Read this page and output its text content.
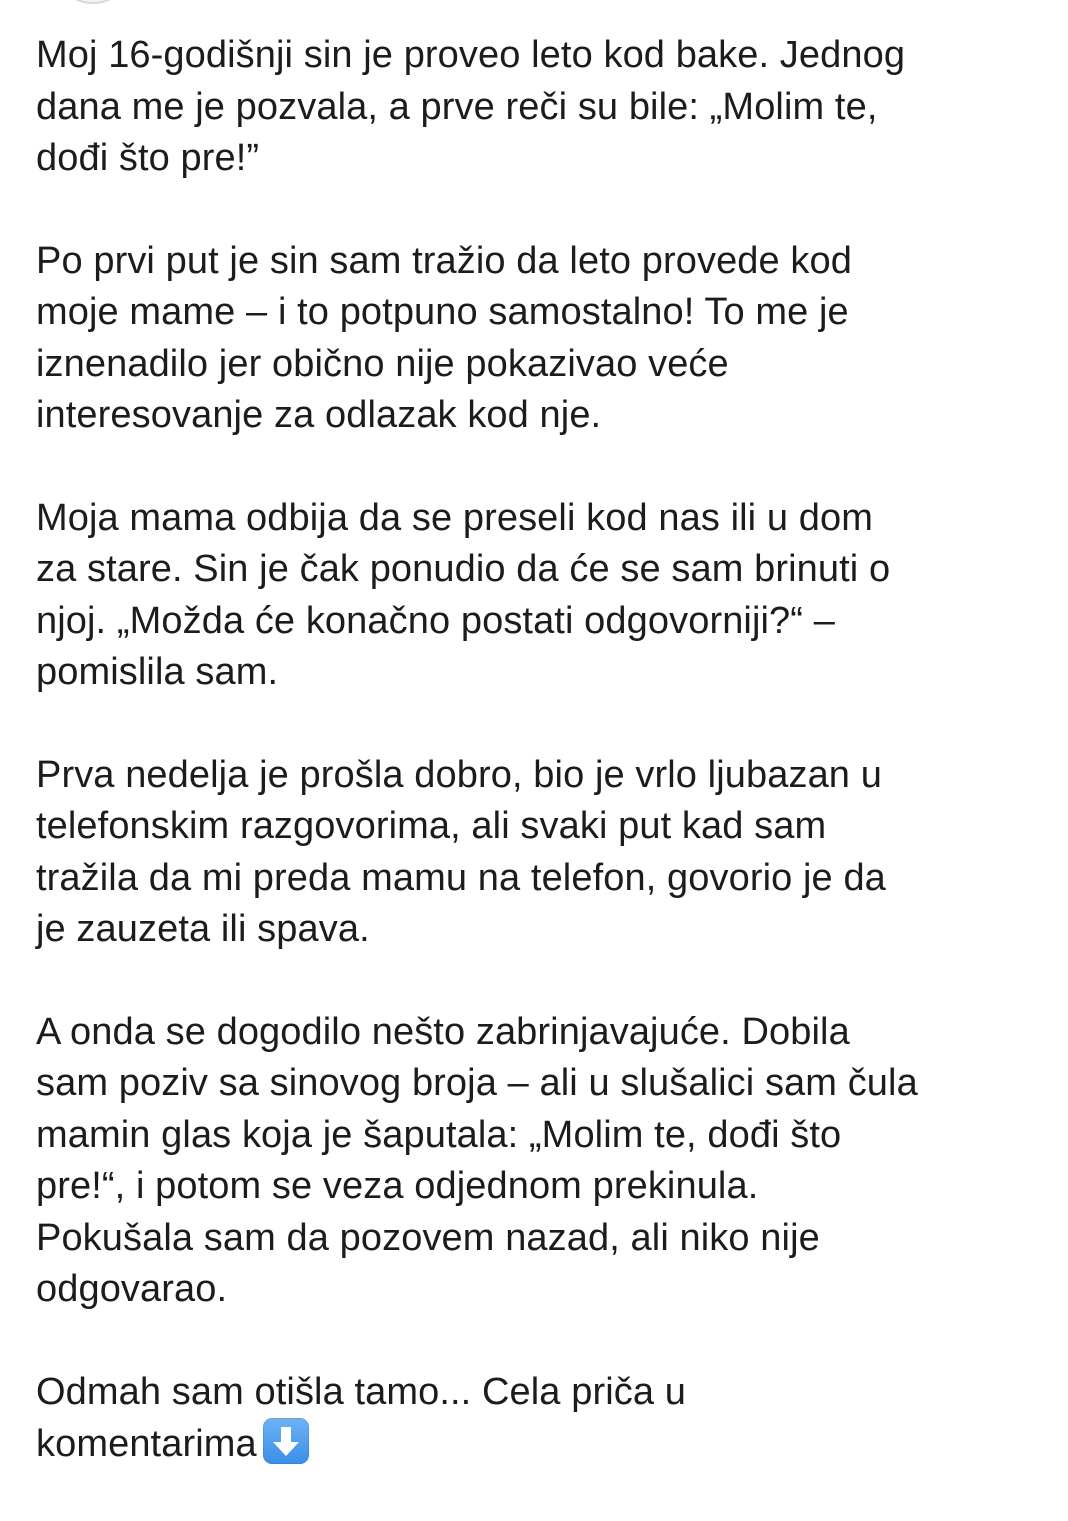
Moj 16-godišnji sin je proveo leto kod bake. Jednog
dana me je pozvala, a prve reči su bile: „Molim te,
dođi što pre!”
Po prvi put je sin sam tražio da leto provede kod
moje mame – i to potpuno samostalno! To me je
iznenadilo jer obično nije pokazivao veće
interesovanje za odlazak kod nje.
Moja mama odbija da se preseli kod nas ili u dom
za stare. Sin je čak ponudio da će se sam brinuti o
njoj. „Možda će konačno postati odgovorniji?“ –
pomislila sam.
Prva nedelja je prošla dobro, bio je vrlo ljubazan u
telefonskim razgovorima, ali svaki put kad sam
tražila da mi preda mamu na telefon, govorio je da
je zauzeta ili spava.
A onda se dogodilo nešto zabrinjavajuće. Dobila
sam poziv sa sinovog broja – ali u slušalici sam čula
mamin glas koja je šaputala: „Molim te, dođi što
pre!“, i potom se veza odjednom prekinula.
Pokušala sam da pozovem nazad, ali niko nije
odgovarao.
Odmah sam otišla tamo... Cela priča u
komentarima
